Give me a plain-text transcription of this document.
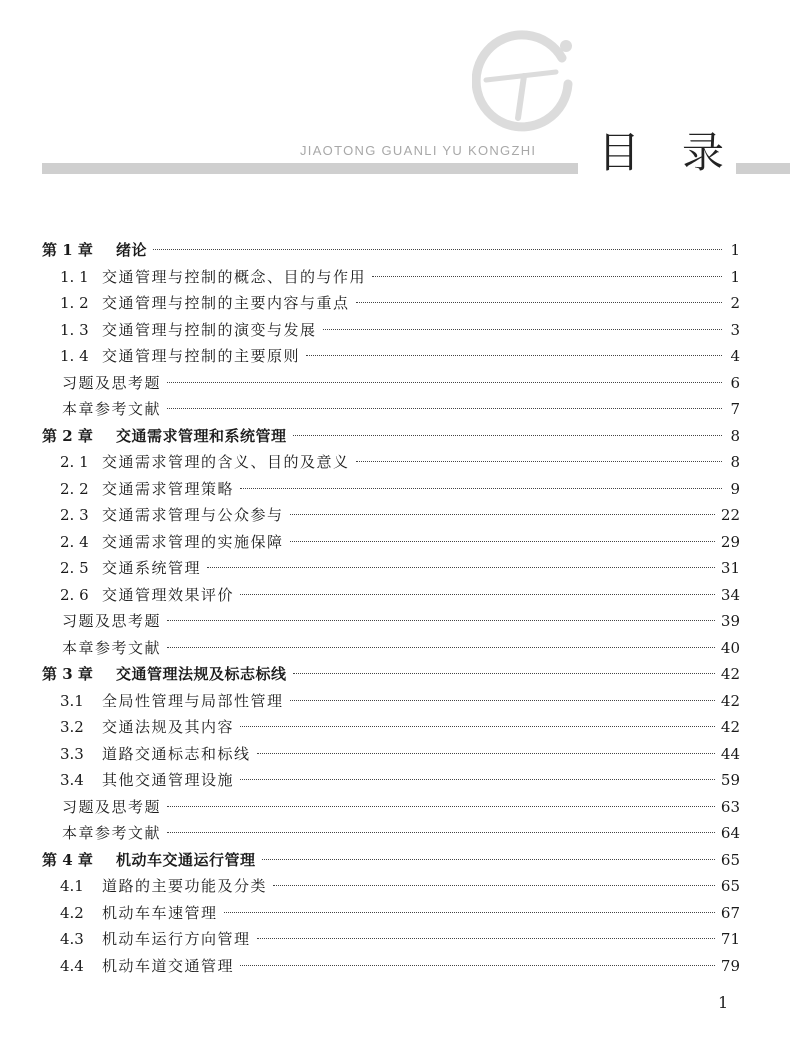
JIAOTONG GUANLI YU KONGZHI	目 录
第 1 章	绪论	1
1. 1 交通管理与控制的概念、目的与作用	1
1. 2 交通管理与控制的主要内容与重点	2
1. 3 交通管理与控制的演变与发展	3
1. 4 交通管理与控制的主要原则	4
习题及思考题	6
本章参考文献	7
第 2 章	交通需求管理和系统管理	8
2. 1 交通需求管理的含义、目的及意义	8
2. 2 交通需求管理策略	9
2. 3 交通需求管理与公众参与	22
2. 4 交通需求管理的实施保障	29
2. 5 交通系统管理	31
2. 6 交通管理效果评价	34
习题及思考题	39
本章参考文献	40
第 3 章	交通管理法规及标志标线	42
3.1	全局性管理与局部性管理	42
3.2	交通法规及其内容	42
3.3	道路交通标志和标线	44
3.4	其他交通管理设施	59
习题及思考题	63
本章参考文献	64
第 4 章	机动车交通运行管理	65
4.1	道路的主要功能及分类	65
4.2	机动车车速管理	67
4.3	机动车运行方向管理	71
4.4	机动车道交通管理	79
1
